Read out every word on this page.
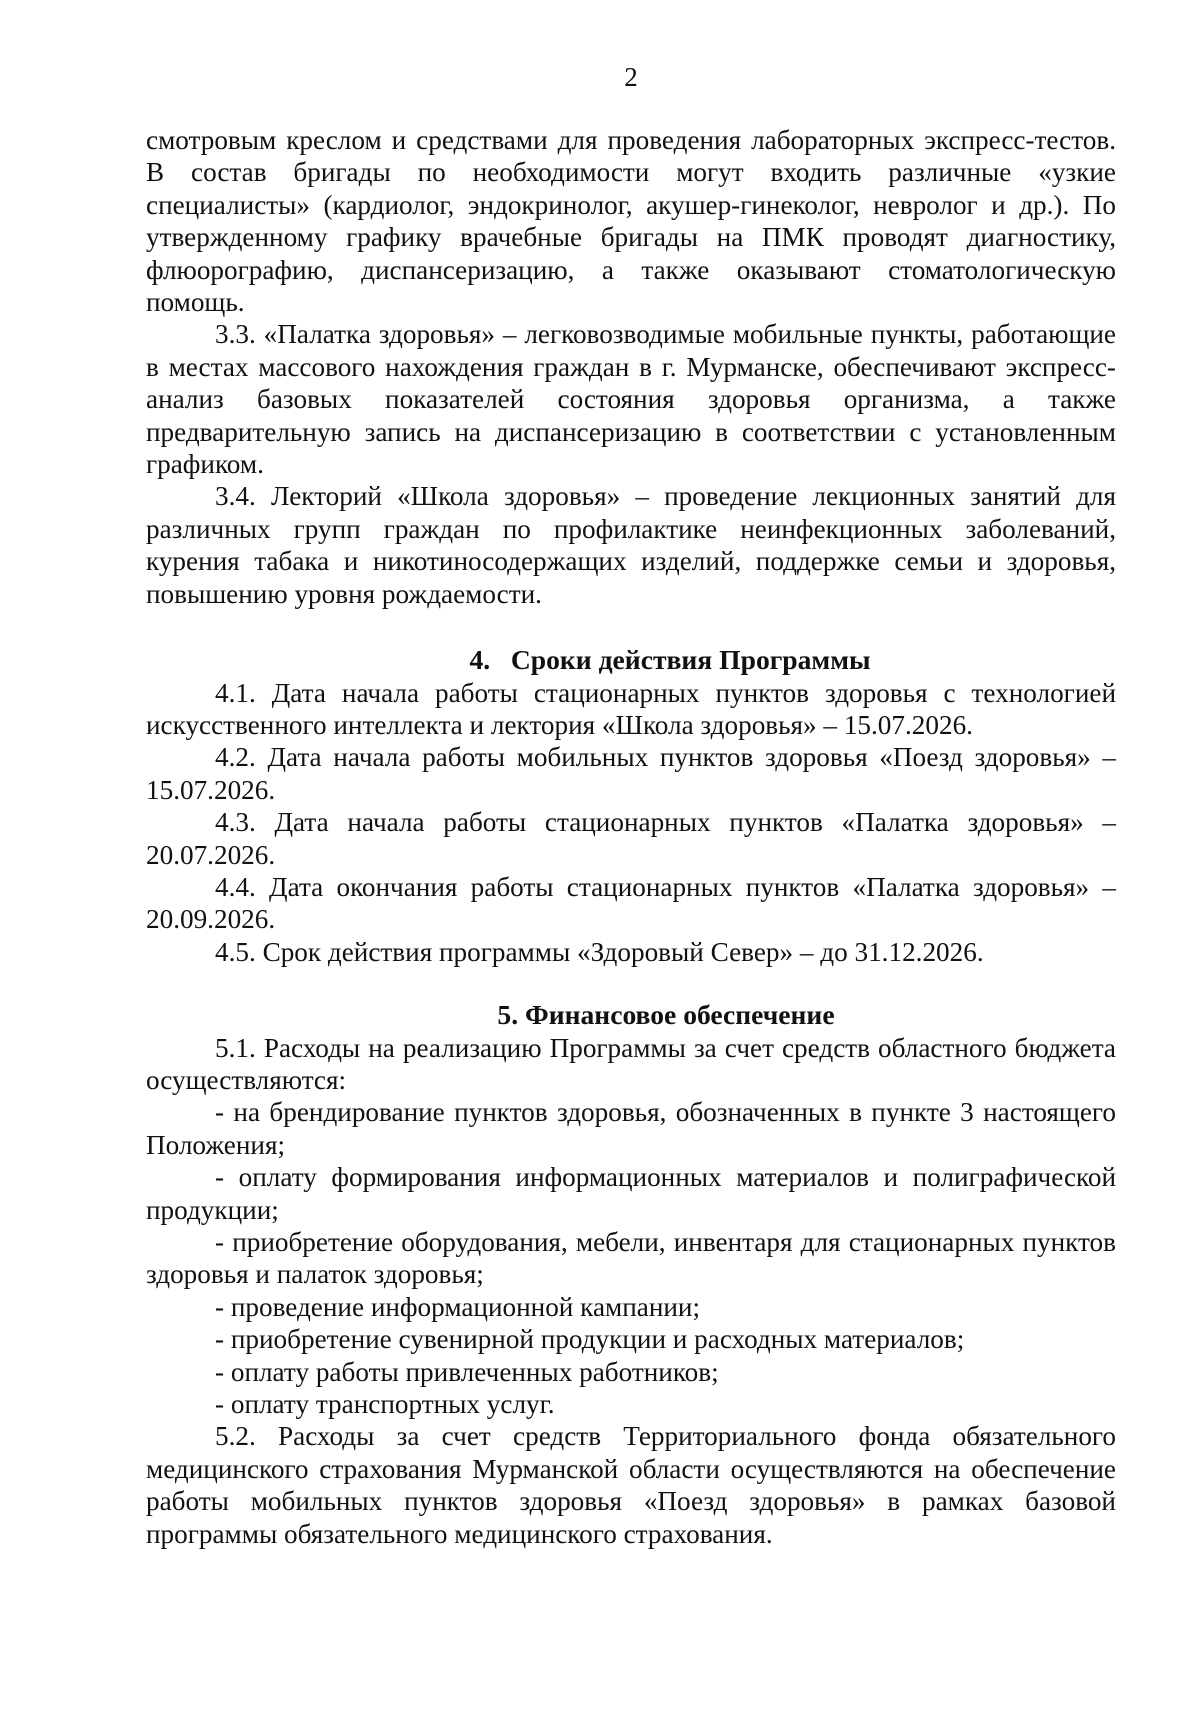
2

смотровым креслом и средствами для проведения лабораторных экспресс-тестов. В состав бригады по необходимости могут входить различные «узкие специалисты» (кардиолог, эндокринолог, акушер-гинеколог, невролог и др.). По утвержденному графику врачебные бригады на ПМК проводят диагностику, флюорографию, диспансеризацию, а также оказывают стоматологическую помощь.

3.3. «Палатка здоровья» – легковозводимые мобильные пункты, работающие в местах массового нахождения граждан в г. Мурманске, обеспечивают экспресс-анализ базовых показателей состояния здоровья организма, а также предварительную запись на диспансеризацию в соответствии с установленным графиком.

3.4. Лекторий «Школа здоровья» – проведение лекционных занятий для различных групп граждан по профилактике неинфекционных заболеваний, курения табака и никотиносодержащих изделий, поддержке семьи и здоровья, повышению уровня рождаемости.

4.   Сроки действия Программы

4.1. Дата начала работы стационарных пунктов здоровья с технологией искусственного интеллекта и лектория «Школа здоровья» – 15.07.2026.

4.2. Дата начала работы мобильных пунктов здоровья «Поезд здоровья» – 15.07.2026.

4.3. Дата начала работы стационарных пунктов «Палатка здоровья» – 20.07.2026.

4.4. Дата окончания работы стационарных пунктов «Палатка здоровья» – 20.09.2026.

4.5. Срок действия программы «Здоровый Север» – до 31.12.2026.

5. Финансовое обеспечение

5.1. Расходы на реализацию Программы за счет средств областного бюджета осуществляются:

- на брендирование пунктов здоровья, обозначенных в пункте 3 настоящего Положения;

- оплату формирования информационных материалов и полиграфической продукции;

- приобретение оборудования, мебели, инвентаря для стационарных пунктов здоровья и палаток здоровья;

- проведение информационной кампании;

- приобретение сувенирной продукции и расходных материалов;

- оплату работы привлеченных работников;

- оплату транспортных услуг.

5.2. Расходы за счет средств Территориального фонда обязательного медицинского страхования Мурманской области осуществляются на обеспечение работы мобильных пунктов здоровья «Поезд здоровья» в рамках базовой программы обязательного медицинского страхования.
